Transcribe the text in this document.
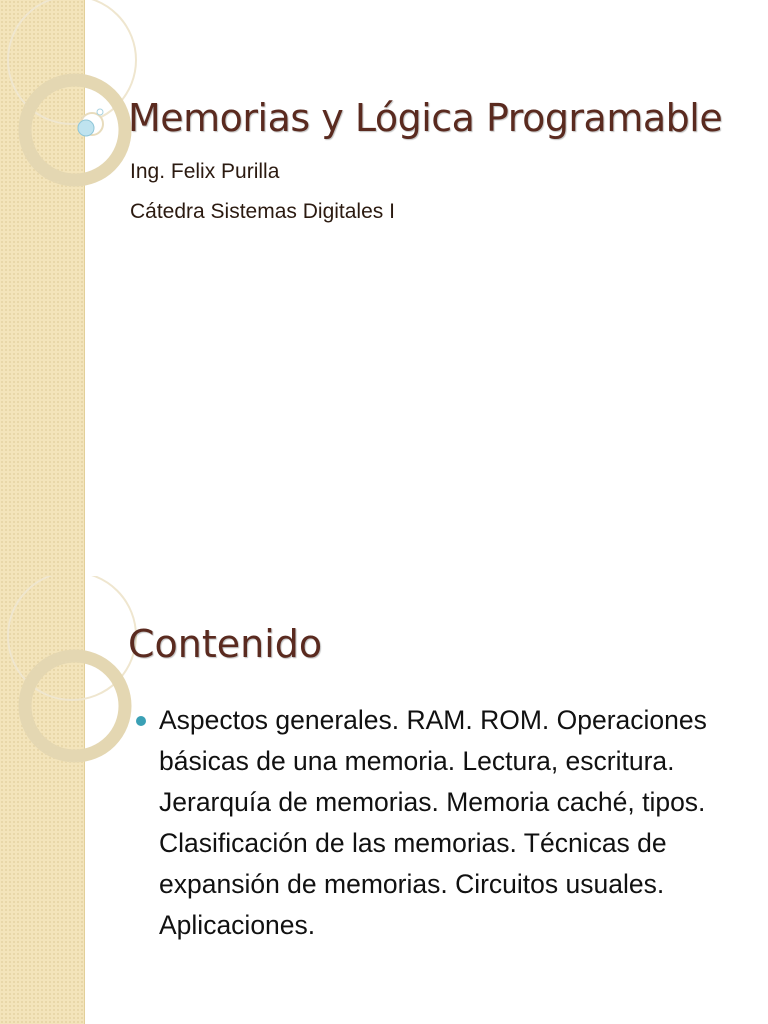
Memorias y Lógica Programable

Ing. Felix Purilla

Cátedra Sistemas Digitales I

Contenido
Aspectos generales. RAM. ROM. Operaciones básicas de una memoria. Lectura, escritura. Jerarquía de memorias. Memoria caché, tipos. Clasificación de las memorias. Técnicas de expansión de memorias. Circuitos usuales. Aplicaciones.
